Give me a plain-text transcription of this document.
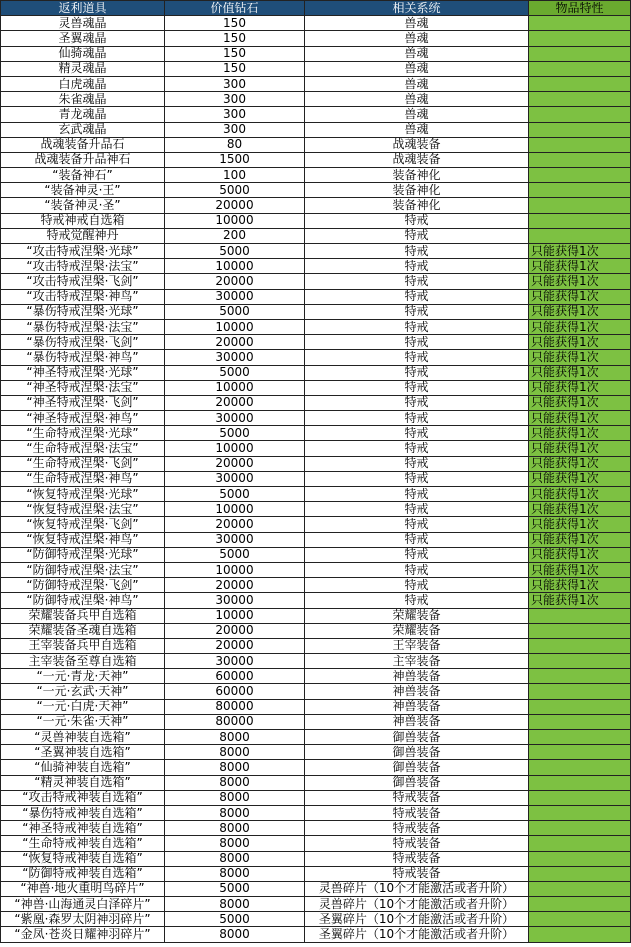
返利道具	价值钻石	相关系统	物品特性
灵兽魂晶	150	兽魂	
圣翼魂晶	150	兽魂	
仙骑魂晶	150	兽魂	
精灵魂晶	150	兽魂	
白虎魂晶	300	兽魂	
朱雀魂晶	300	兽魂	
青龙魂晶	300	兽魂	
玄武魂晶	300	兽魂	
战魂装备升品石	80	战魂装备	
战魂装备升品神石	1500	战魂装备	
“装备神石”	100	装备神化	
“装备神灵·王”	5000	装备神化	
“装备神灵·圣”	20000	装备神化	
特戒神戒自选箱	10000	特戒	
特戒觉醒神丹	200	特戒	
“攻击特戒涅槃·光球”	5000	特戒	只能获得1次
“攻击特戒涅槃·法宝”	10000	特戒	只能获得1次
“攻击特戒涅槃·飞剑”	20000	特戒	只能获得1次
“攻击特戒涅槃·神鸟”	30000	特戒	只能获得1次
“暴伤特戒涅槃·光球”	5000	特戒	只能获得1次
“暴伤特戒涅槃·法宝”	10000	特戒	只能获得1次
“暴伤特戒涅槃·飞剑”	20000	特戒	只能获得1次
“暴伤特戒涅槃·神鸟”	30000	特戒	只能获得1次
“神圣特戒涅槃·光球”	5000	特戒	只能获得1次
“神圣特戒涅槃·法宝”	10000	特戒	只能获得1次
“神圣特戒涅槃·飞剑”	20000	特戒	只能获得1次
“神圣特戒涅槃·神鸟”	30000	特戒	只能获得1次
“生命特戒涅槃·光球”	5000	特戒	只能获得1次
“生命特戒涅槃·法宝”	10000	特戒	只能获得1次
“生命特戒涅槃·飞剑”	20000	特戒	只能获得1次
“生命特戒涅槃·神鸟”	30000	特戒	只能获得1次
“恢复特戒涅槃·光球”	5000	特戒	只能获得1次
“恢复特戒涅槃·法宝”	10000	特戒	只能获得1次
“恢复特戒涅槃·飞剑”	20000	特戒	只能获得1次
“恢复特戒涅槃·神鸟”	30000	特戒	只能获得1次
“防御特戒涅槃·光球”	5000	特戒	只能获得1次
“防御特戒涅槃·法宝”	10000	特戒	只能获得1次
“防御特戒涅槃·飞剑”	20000	特戒	只能获得1次
“防御特戒涅槃·神鸟”	30000	特戒	只能获得1次
荣耀装备兵甲自选箱	10000	荣耀装备	
荣耀装备圣魂自选箱	20000	荣耀装备	
王宰装备兵甲自选箱	20000	王宰装备	
主宰装备至尊自选箱	30000	主宰装备	
“一元·青龙·天神”	60000	神兽装备	
“一元·玄武·天神”	60000	神兽装备	
“一元·白虎·天神”	80000	神兽装备	
“一元·朱雀·天神”	80000	神兽装备	
“灵兽神装自选箱”	8000	御兽装备	
“圣翼神装自选箱”	8000	御兽装备	
“仙骑神装自选箱”	8000	御兽装备	
“精灵神装自选箱”	8000	御兽装备	
“攻击特戒神装自选箱”	8000	特戒装备	
“暴伤特戒神装自选箱”	8000	特戒装备	
“神圣特戒神装自选箱”	8000	特戒装备	
“生命特戒神装自选箱”	8000	特戒装备	
“恢复特戒神装自选箱”	8000	特戒装备	
“防御特戒神装自选箱”	8000	特戒装备	
“神兽·地火重明鸟碎片”	5000	灵兽碎片（10个才能激活或者升阶）	
“神兽·山海通灵白泽碎片”	8000	灵兽碎片（10个才能激活或者升阶）	
“紫凰·森罗太阴神羽碎片”	5000	圣翼碎片（10个才能激活或者升阶）	
“金凤·苍炎日耀神羽碎片”	8000	圣翼碎片（10个才能激活或者升阶）	
